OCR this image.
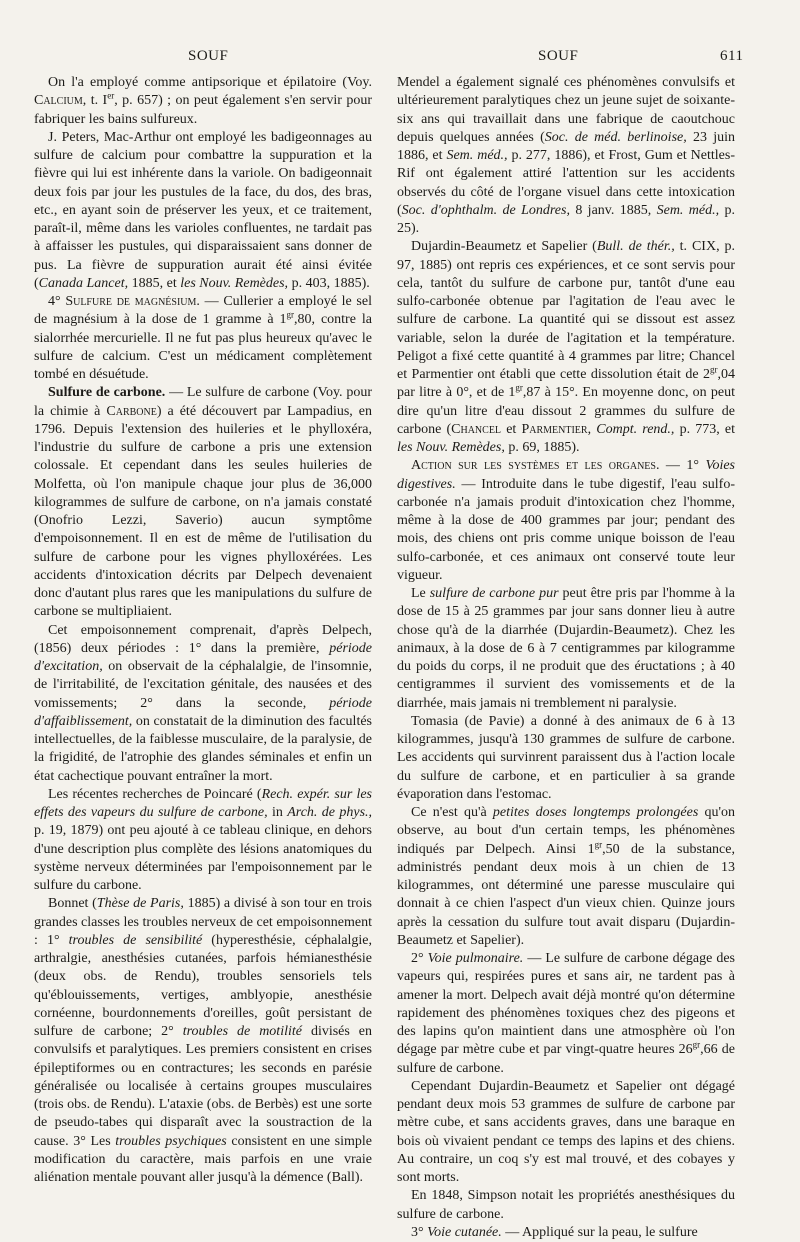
SOUF	SOUF	611

On l'a employé comme antipsorique et épilatoire (Voy. Calcium, t. Ier, p. 657) ; on peut également s'en servir pour fabriquer les bains sulfureux.

J. Peters, Mac-Arthur ont employé les badigeonnages au sulfure de calcium pour combattre la suppuration et la fièvre qui lui est inhérente dans la variole. On badigeonnait deux fois par jour les pustules de la face, du dos, des bras, etc., en ayant soin de préserver les yeux, et ce traitement, paraît-il, même dans les varioles confluentes, ne tardait pas à affaisser les pustules, qui disparaissaient sans donner de pus. La fièvre de suppuration aurait été ainsi évitée (Canada Lancet, 1885, et les Nouv. Remèdes, p. 403, 1885).

4° Sulfure de magnésium. — Cullerier a employé le sel de magnésium à la dose de 1 gramme à $1^{gr},80$, contre la sialorrhée mercurielle. Il ne fut pas plus heureux qu'avec le sulfure de calcium. C'est un médicament complètement tombé en désuétude.

Sulfure de carbone. — Le sulfure de carbone (Voy. pour la chimie à Carbone) a été découvert par Lampadius, en 1796. Depuis l'extension des huileries et le phylloxéra, l'industrie du sulfure de carbone a pris une extension colossale. Et cependant dans les seules huileries de Molfetta, où l'on manipule chaque jour plus de 36,000 kilogrammes de sulfure de carbone, on n'a jamais constaté (Onofrio Lezzi, Saverio) aucun symptôme d'empoisonnement. Il en est de même de l'utilisation du sulfure de carbone pour les vignes phylloxérées. Les accidents d'intoxication décrits par Delpech devenaient donc d'autant plus rares que les manipulations du sulfure de carbone se multipliaient.

Cet empoisonnement comprenait, d'après Delpech, (1856) deux périodes : 1° dans la première, période d'excitation, on observait de la céphalalgie, de l'insomnie, de l'irritabilité, de l'excitation génitale, des nausées et des vomissements; 2° dans la seconde, période d'affaiblissement, on constatait de la diminution des facultés intellectuelles, de la faiblesse musculaire, de la paralysie, de la frigidité, de l'atrophie des glandes séminales et enfin un état cachectique pouvant entraîner la mort.

Les récentes recherches de Poincaré (Rech. expér. sur les effets des vapeurs du sulfure de carbone, in Arch. de phys., p. 19, 1879) ont peu ajouté à ce tableau clinique, en dehors d'une description plus complète des lésions anatomiques du système nerveux déterminées par l'empoisonnement par le sulfure du carbone.

Bonnet (Thèse de Paris, 1885) a divisé à son tour en trois grandes classes les troubles nerveux de cet empoisonnement : 1° troubles de sensibilité (hyperesthésie, céphalalgie, arthralgie, anesthésies cutanées, parfois hémianesthésie (deux obs. de Rendu), troubles sensoriels tels qu'éblouissements, vertiges, amblyopie, anesthésie cornéenne, bourdonnements d'oreilles, goût persistant de sulfure de carbone; 2° troubles de motilité divisés en convulsifs et paralytiques. Les premiers consistent en crises épileptiformes ou en contractures; les seconds en parésie généralisée ou localisée à certains groupes musculaires (trois obs. de Rendu). L'ataxie (obs. de Berbès) est une sorte de pseudo-tabes qui disparaît avec la soustraction de la cause. 3° Les troubles psychiques consistent en une simple modification du caractère, mais parfois en une vraie aliénation mentale pouvant aller jusqu'à la démence (Ball).

Mendel a également signalé ces phénomènes convulsifs et ultérieurement paralytiques chez un jeune sujet de soixante-six ans qui travaillait dans une fabrique de caoutchouc depuis quelques années (Soc. de méd. berlinoise, 23 juin 1886, et Sem. méd., p. 277, 1886), et Frost, Gum et Nettles-Rif ont également attiré l'attention sur les accidents observés du côté de l'organe visuel dans cette intoxication (Soc. d'ophthalm. de Londres, 8 janv. 1885, Sem. méd., p. 25).

Dujardin-Beaumetz et Sapelier (Bull. de thér., t. CIX, p. 97, 1885) ont repris ces expériences, et ce sont servis pour cela, tantôt du sulfure de carbone pur, tantôt d'une eau sulfo-carbonée obtenue par l'agitation de l'eau avec le sulfure de carbone. La quantité qui se dissout est assez variable, selon la durée de l'agitation et la température. Peligot a fixé cette quantité à 4 grammes par litre; Chancel et Parmentier ont établi que cette dissolution était de $2^{gr},04$ par litre à 0°, et de $1^{gr},87$ à 15°. En moyenne donc, on peut dire qu'un litre d'eau dissout 2 grammes du sulfure de carbone (Chancel et Parmentier, Compt. rend., p. 773, et les Nouv. Remèdes, p. 69, 1885).

Action sur les systèmes et les organes. — 1° Voies digestives. — Introduite dans le tube digestif, l'eau sulfo-carbonée n'a jamais produit d'intoxication chez l'homme, même à la dose de 400 grammes par jour; pendant des mois, des chiens ont pris comme unique boisson de l'eau sulfo-carbonée, et ces animaux ont conservé toute leur vigueur.

Le sulfure de carbone pur peut être pris par l'homme à la dose de 15 à 25 grammes par jour sans donner lieu à autre chose qu'à de la diarrhée (Dujardin-Beaumetz). Chez les animaux, à la dose de 6 à 7 centigrammes par kilogramme du poids du corps, il ne produit que des éructations ; à 40 centigrammes il survient des vomissements et de la diarrhée, mais jamais ni tremblement ni paralysie.

Tomasia (de Pavie) a donné à des animaux de 6 à 13 kilogrammes, jusqu'à 130 grammes de sulfure de carbone. Les accidents qui survinrent paraissent dus à l'action locale du sulfure de carbone, et en particulier à sa grande évaporation dans l'estomac.

Ce n'est qu'à petites doses longtemps prolongées qu'on observe, au bout d'un certain temps, les phénomènes indiqués par Delpech. Ainsi $1^{gr},50$ de la substance, administrés pendant deux mois à un chien de 13 kilogrammes, ont déterminé une paresse musculaire qui donnait à ce chien l'aspect d'un vieux chien. Quinze jours après la cessation du sulfure tout avait disparu (Dujardin-Beaumetz et Sapelier).

2° Voie pulmonaire. — Le sulfure de carbone dégage des vapeurs qui, respirées pures et sans air, ne tardent pas à amener la mort. Delpech avait déjà montré qu'on détermine rapidement des phénomènes toxiques chez des pigeons et des lapins qu'on maintient dans une atmosphère où l'on dégage par mètre cube et par vingt-quatre heures $26^{gr},66$ de sulfure de carbone.

Cependant Dujardin-Beaumetz et Sapelier ont dégagé pendant deux mois 53 grammes de sulfure de carbone par mètre cube, et sans accidents graves, dans une baraque en bois où vivaient pendant ce temps des lapins et des chiens. Au contraire, un coq s'y est mal trouvé, et des cobayes y sont morts.

En 1848, Simpson notait les propriétés anesthésiques du sulfure de carbone.

3° Voie cutanée. — Appliqué sur la peau, le sulfure
